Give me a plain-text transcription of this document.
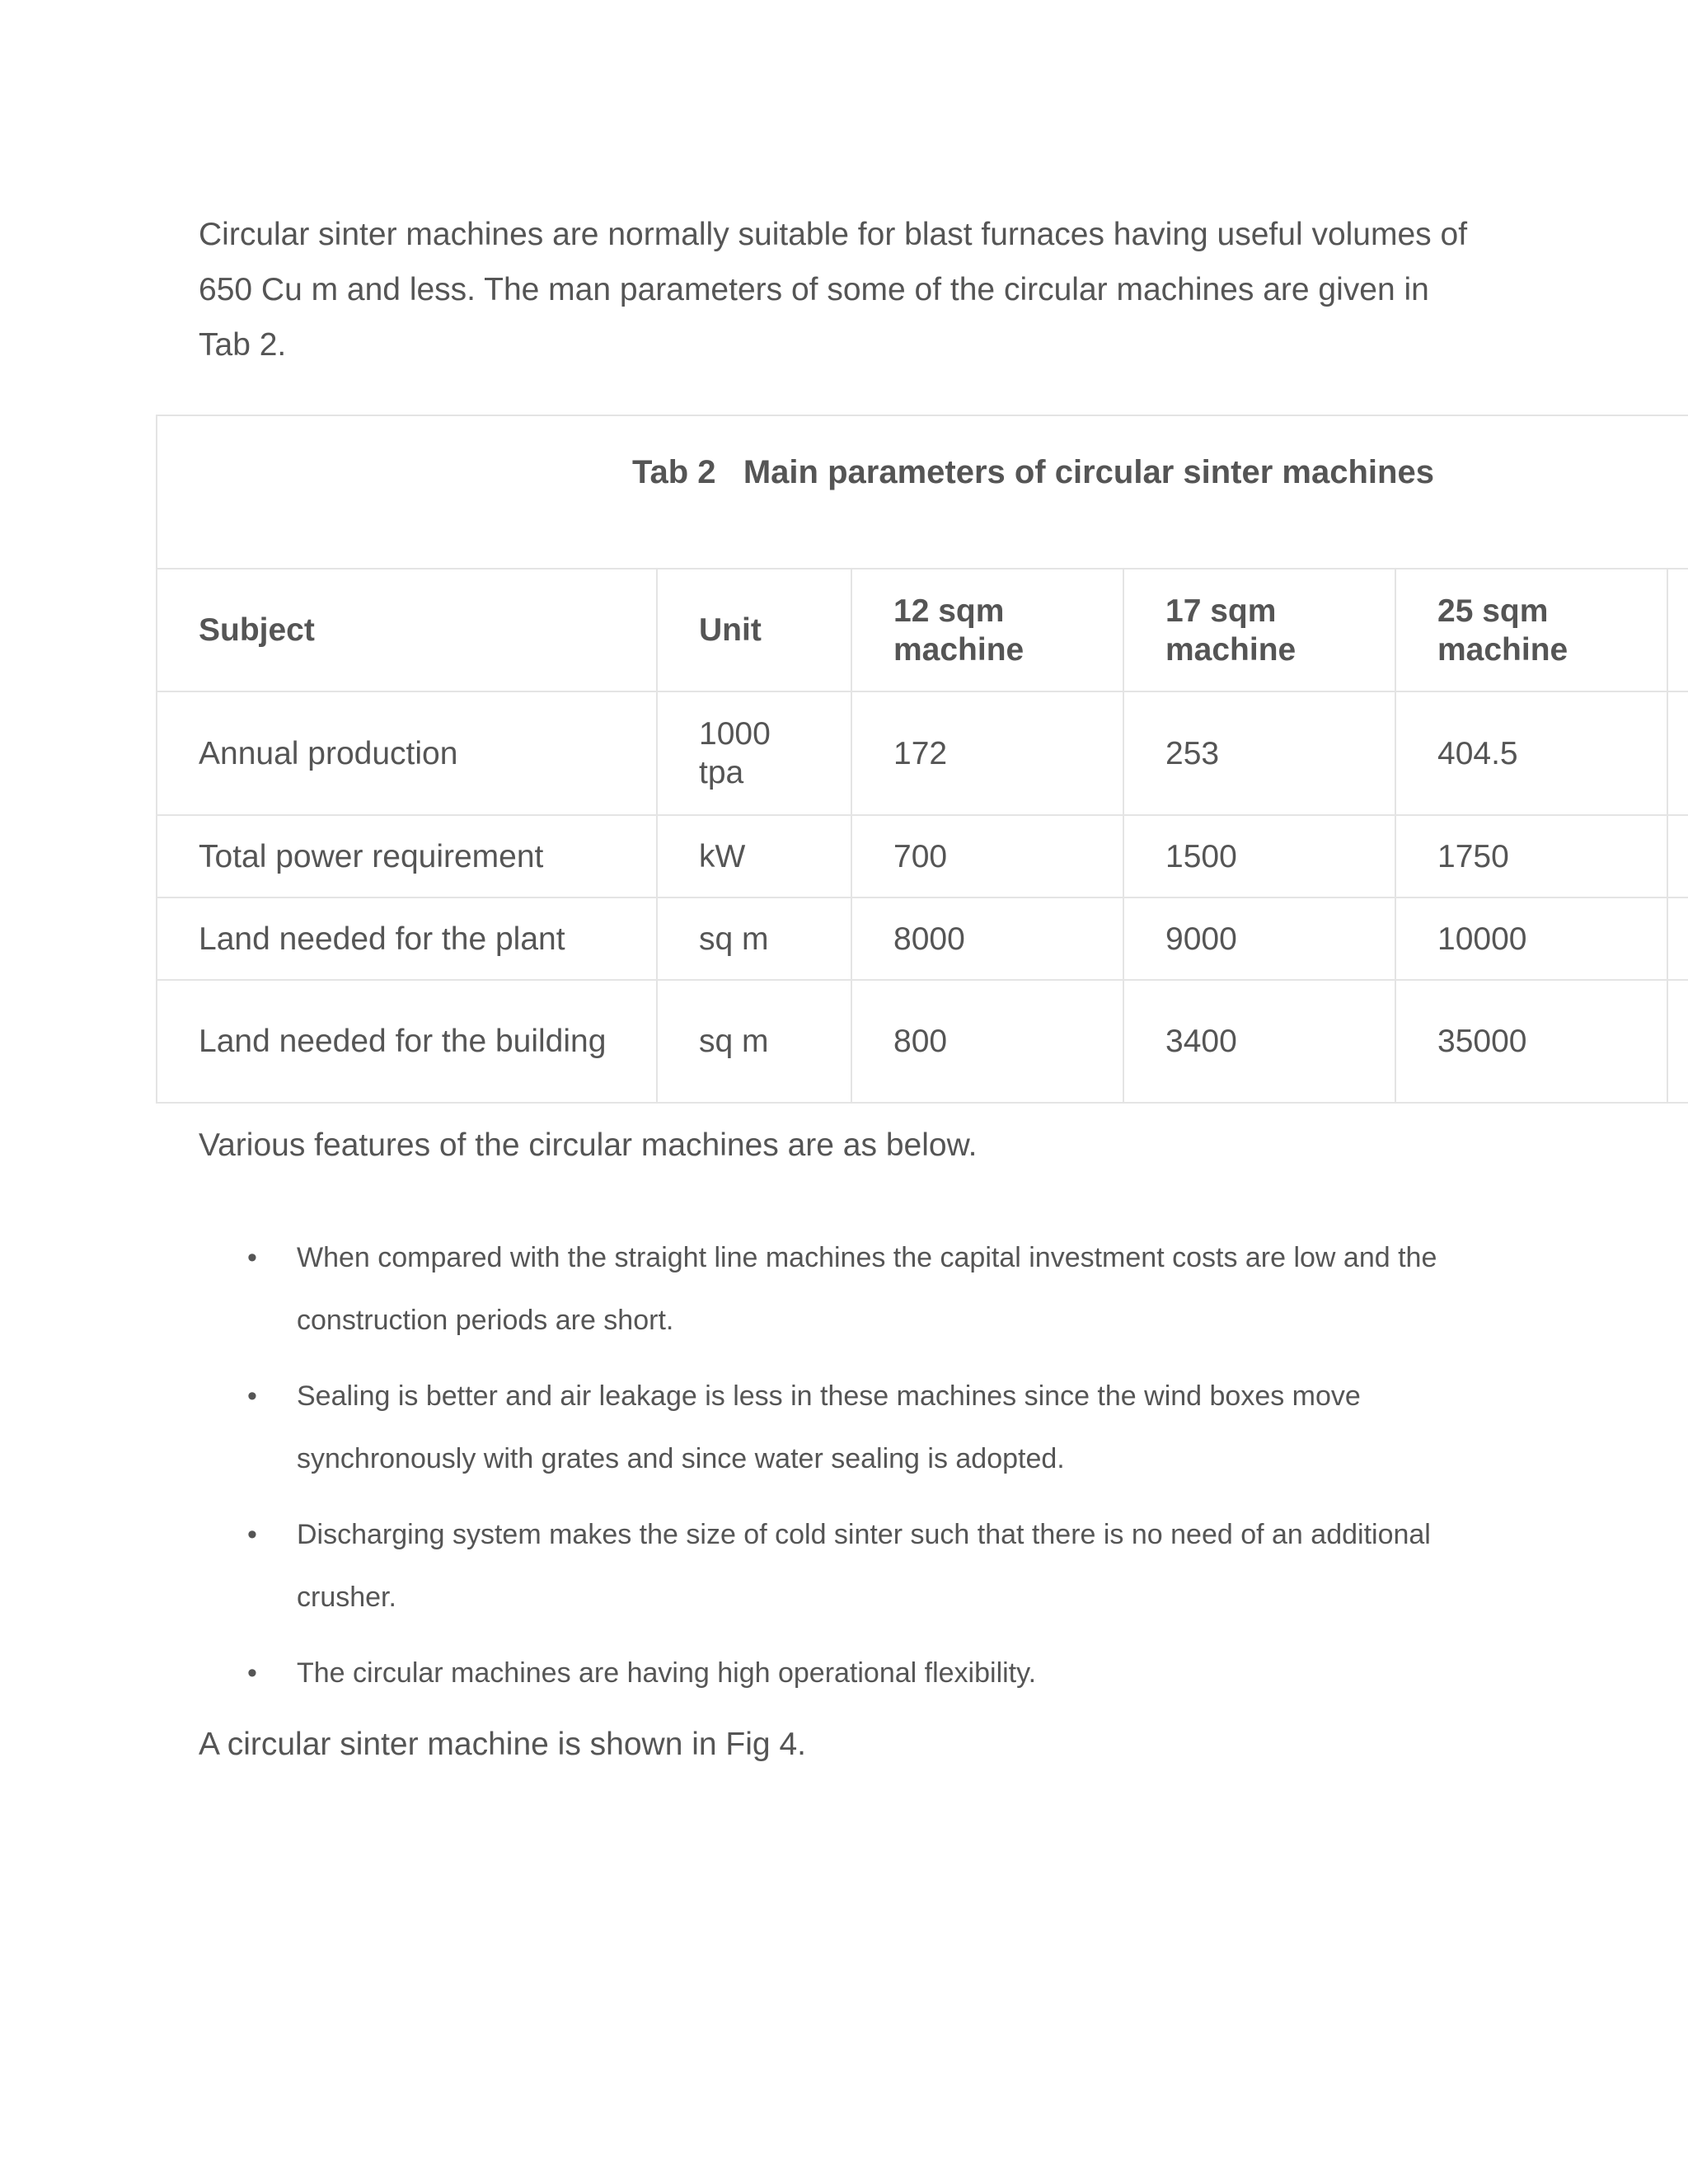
Circular sinter machines are normally suitable for blast furnaces having useful volumes of 650 Cu m and less. The man parameters of some of the circular machines are given in Tab 2.

Tab 2   Main parameters of circular sinter machines
Subject	Unit	12 sqm machine	17 sqm machine	25 sqm machine	
Annual production	1000 tpa	172	253	404.5	
Total power requirement	kW	700	1500	1750	
Land needed for the plant	sq m	8000	9000	10000	
Land needed for the building	sq m	800	3400	35000	

Various features of the circular machines are as below.

• When compared with the straight line machines the capital investment costs are low and the construction periods are short.
• Sealing is better and air leakage is less in these machines since the wind boxes move synchronously with grates and since water sealing is adopted.
• Discharging system makes the size of cold sinter such that there is no need of an additional crusher.
• The circular machines are having high operational flexibility.

A circular sinter machine is shown in Fig 4.
